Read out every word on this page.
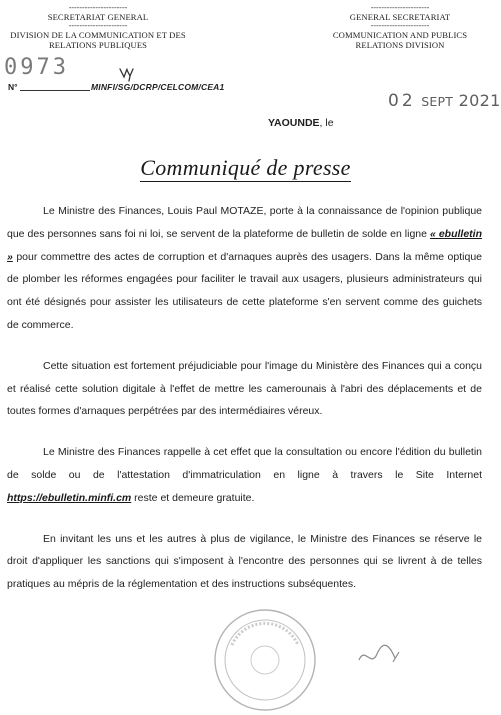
----------------------
SECRETARIAT GENERAL
----------------------
DIVISION DE LA COMMUNICATION ET DES
RELATIONS PUBLIQUES
----------------------
GENERAL SECRETARIAT
----------------------
COMMUNICATION AND PUBLICS
RELATIONS DIVISION
0973
N°	MINFI/SG/DCRP/CELCOM/CEA1
02 SEPT 2021
YAOUNDE, le
Communiqué de presse

Le Ministre des Finances, Louis Paul MOTAZE, porte à la connaissance de l'opinion publique que des personnes sans foi ni loi, se servent de la plateforme de bulletin de solde en ligne « ebulletin » pour commettre des actes de corruption et d'arnaques auprès des usagers. Dans la même optique de plomber les réformes engagées pour faciliter le travail aux usagers, plusieurs administrateurs qui ont été désignés pour assister les utilisateurs de cette plateforme s'en servent comme des guichets de commerce.

Cette situation est fortement préjudiciable pour l'image du Ministère des Finances qui a conçu et réalisé cette solution digitale à l'effet de mettre les camerounais à l'abri des déplacements et de toutes formes d'arnaques perpétrées par des intermédiaires véreux.

Le Ministre des Finances rappelle à cet effet que la consultation ou encore l'édition du bulletin de solde ou de l'attestation d'immatriculation en ligne à travers le Site Internet https://ebulletin.minfi.cm reste et demeure gratuite.

En invitant les uns et les autres à plus de vigilance, le Ministre des Finances se réserve le droit d'appliquer les sanctions qui s'imposent à l'encontre des personnes qui se livrent à de telles pratiques au mépris de la réglementation et des instructions subséquentes.
